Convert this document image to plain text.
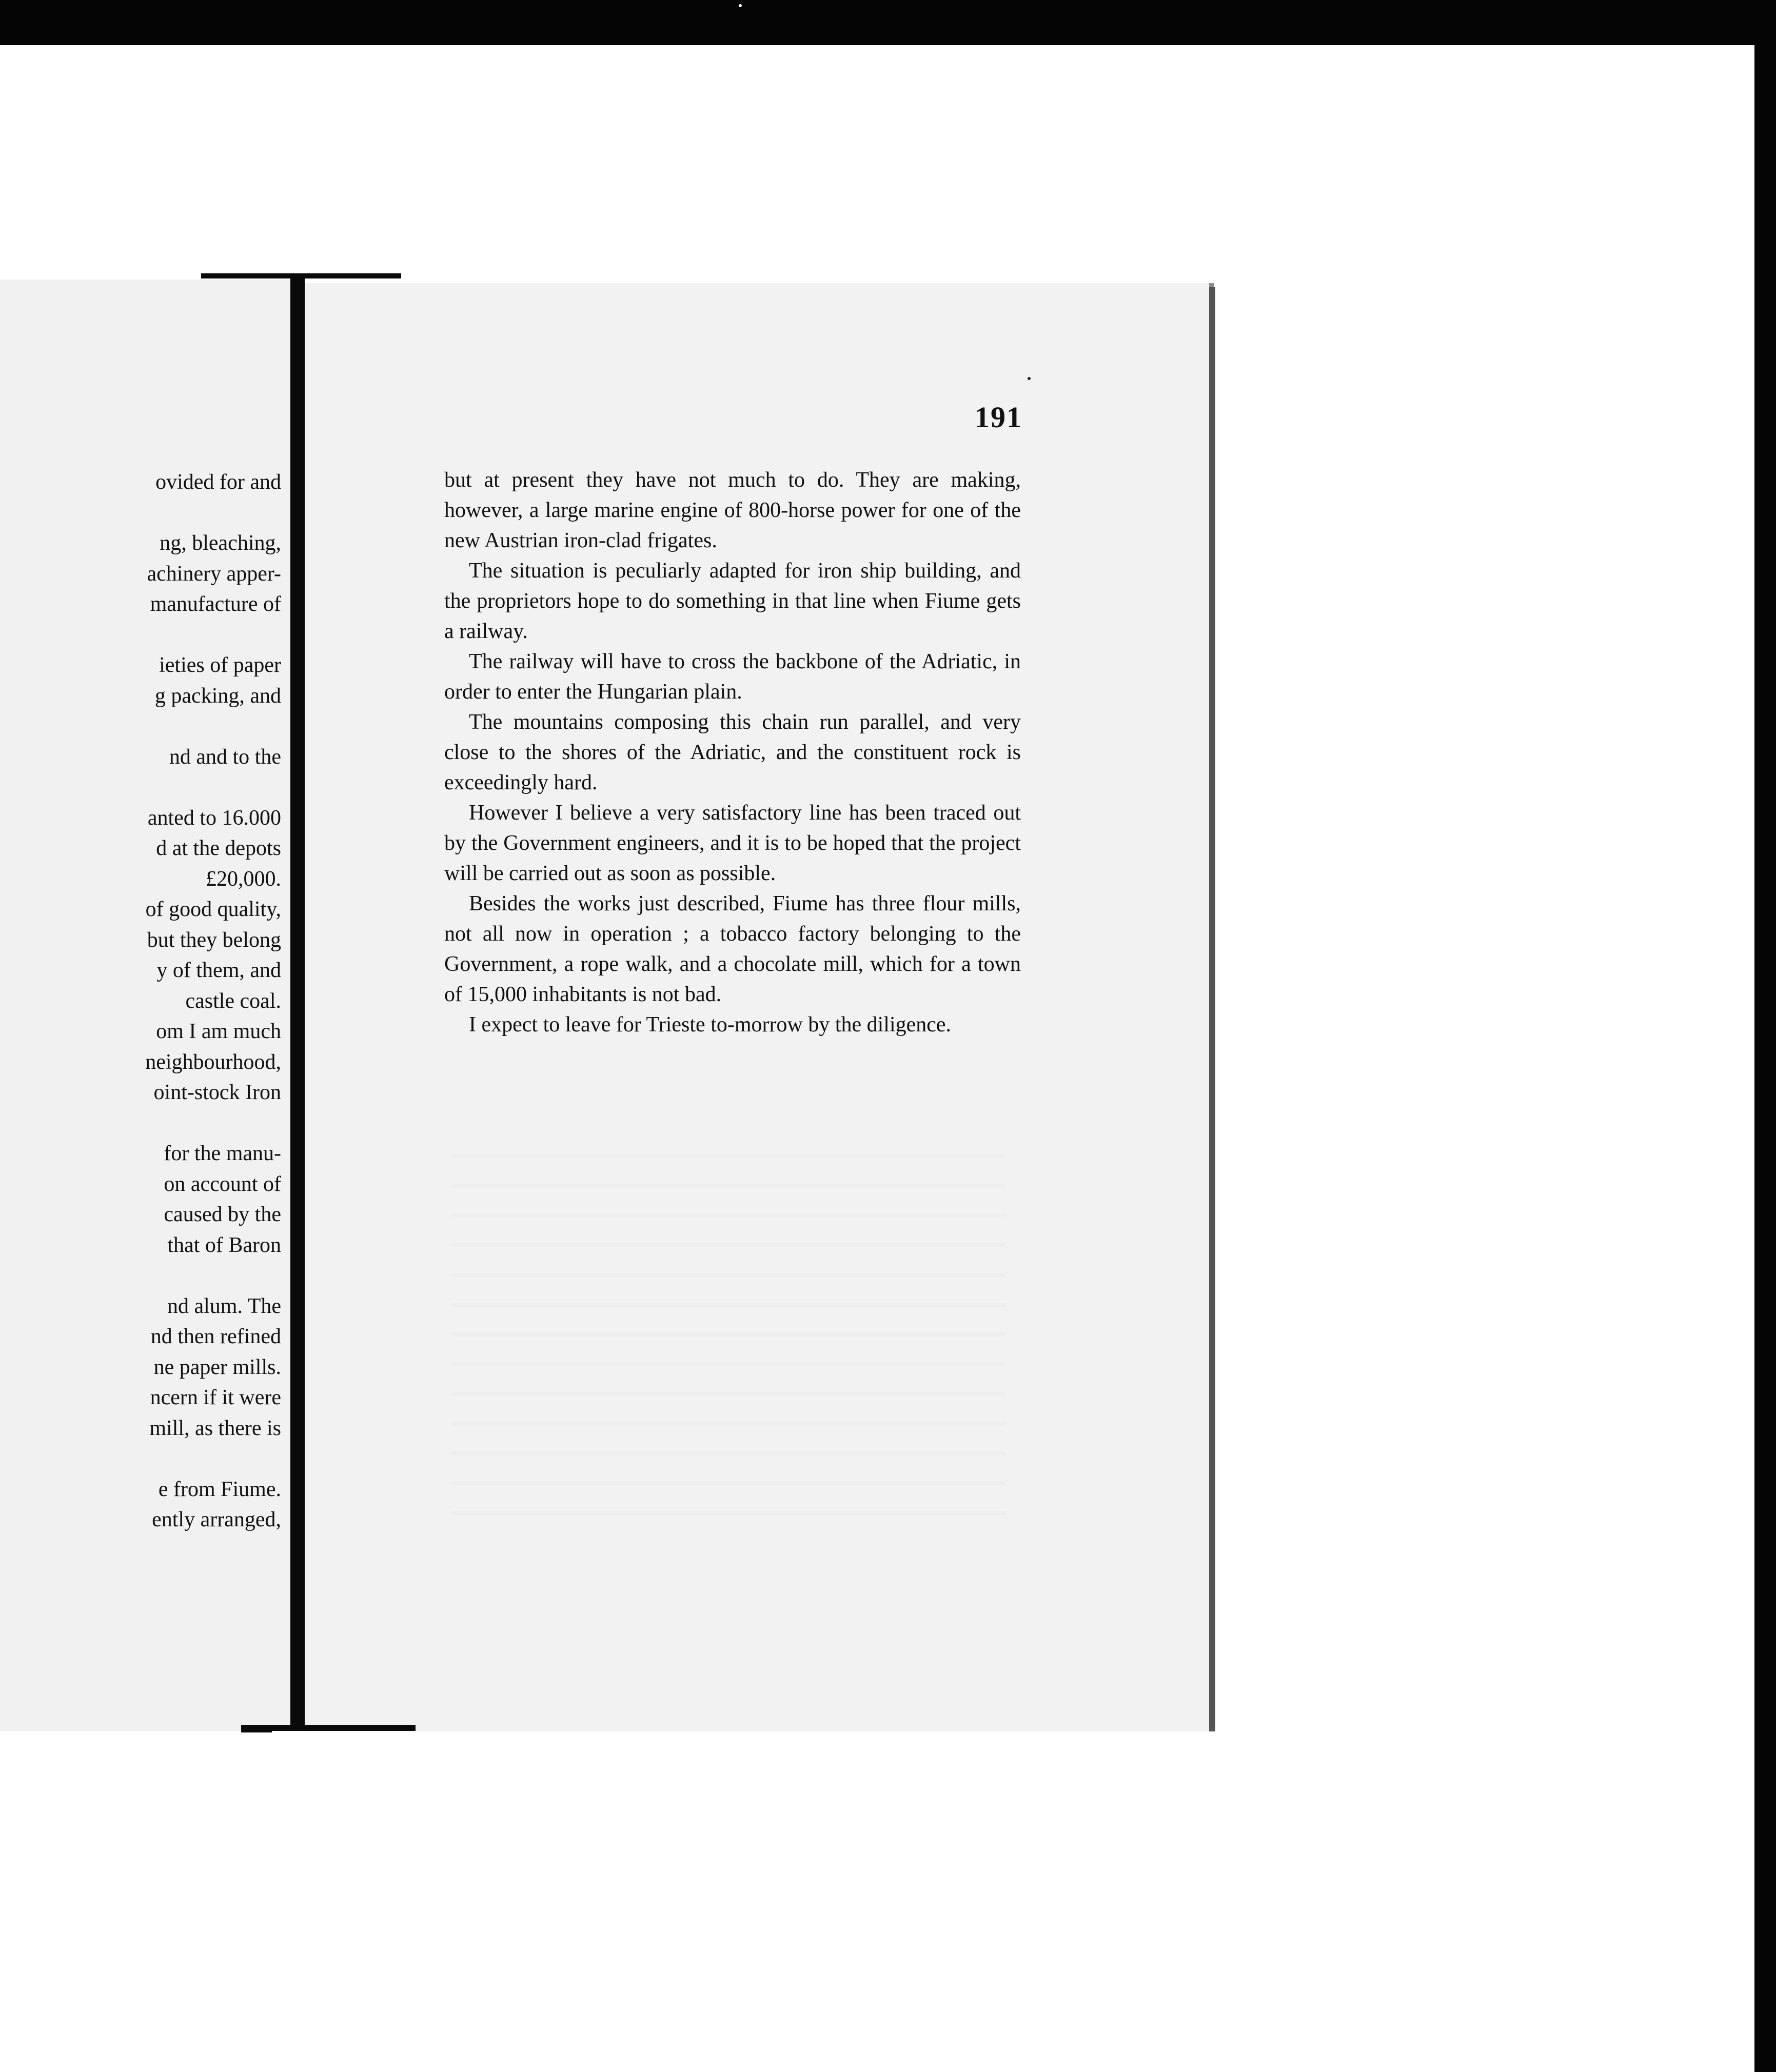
ovided for and
ng, bleaching,
achinery apper-
manufacture of
ieties of paper
g packing, and
nd and to the
anted to 16.000
d at the depots
£20,000.
of good quality,
but they belong
y of them, and
castle coal.
om I am much
neighbourhood,
oint-stock Iron
for the manu-
on account of
caused by the
that of Baron
nd alum. The
nd then refined
ne paper mills.
ncern if it were
mill, as there is
e from Fiume.
ently arranged,
191

but at present they have not much to do. They are making, however, a large marine engine of 800-horse power for one of the new Austrian iron-clad frigates.

The situation is peculiarly adapted for iron ship building, and the proprietors hope to do something in that line when Fiume gets a railway.

The railway will have to cross the backbone of the Adriatic, in order to enter the Hungarian plain.

The mountains composing this chain run parallel, and very close to the shores of the Adriatic, and the constituent rock is exceedingly hard.

However I believe a very satisfactory line has been traced out by the Government engineers, and it is to be hoped that the project will be carried out as soon as possible.

Besides the works just described, Fiume has three flour mills, not all now in operation ; a tobacco factory belonging to the Government, a rope walk, and a chocolate mill, which for a town of 15,000 inhabitants is not bad.

I expect to leave for Trieste to-morrow by the diligence.
